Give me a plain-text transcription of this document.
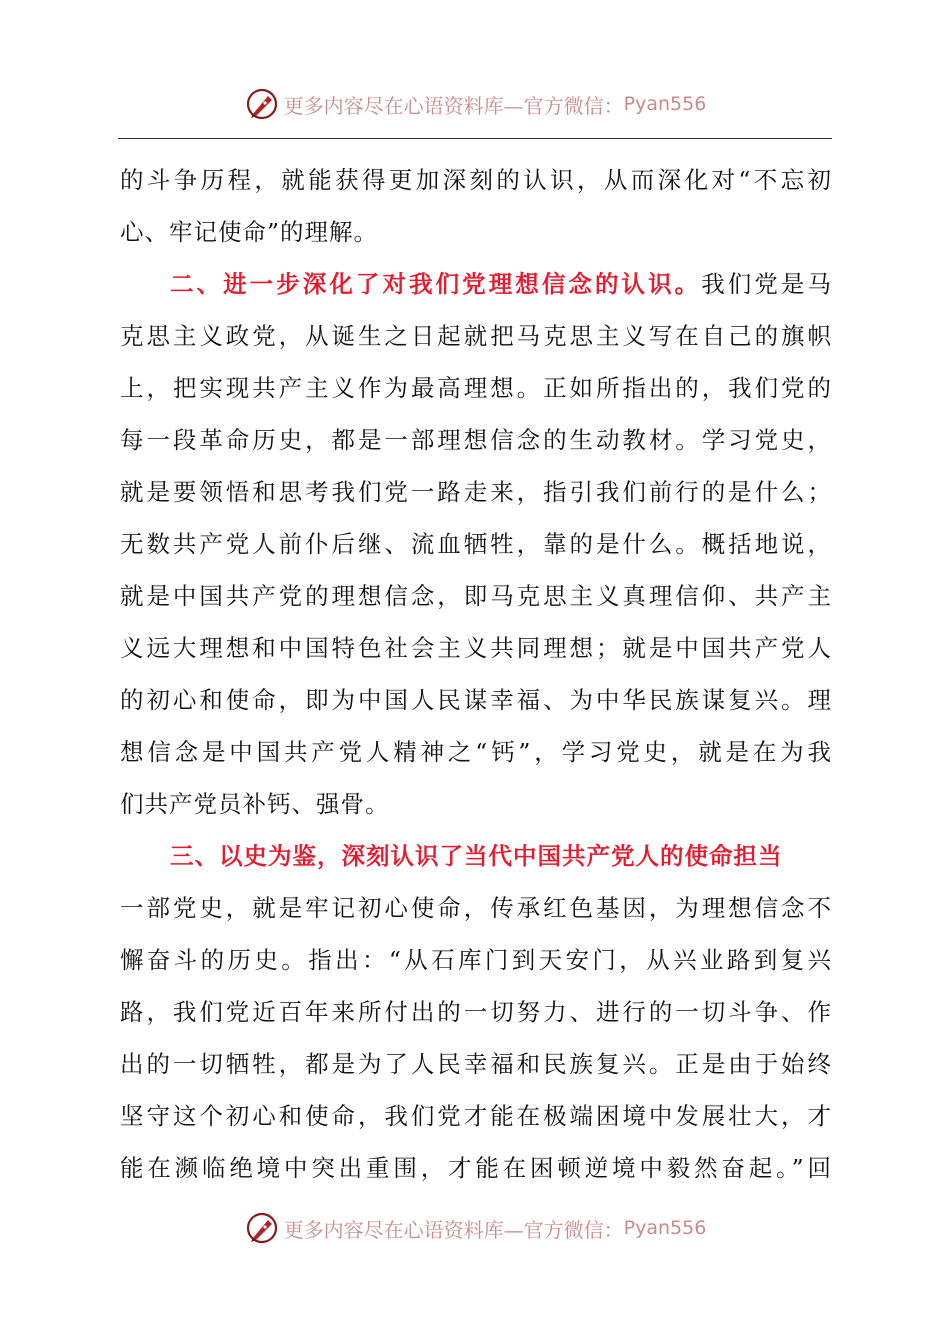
更多内容尽在心语资料库—官方微信： Pyan556
的斗争历程，就能获得更加深刻的认识，从而深化对“不忘初
心、牢记使命”的理解。
二、进一步深化了对我们党理想信念的认识。我们党是马
克思主义政党，从诞生之日起就把马克思主义写在自己的旗帜
上，把实现共产主义作为最高理想。正如所指出的，我们党的
每一段革命历史，都是一部理想信念的生动教材。学习党史，
就是要领悟和思考我们党一路走来，指引我们前行的是什么；
无数共产党人前仆后继、流血牺牲，靠的是什么。概括地说，
就是中国共产党的理想信念，即马克思主义真理信仰、共产主
义远大理想和中国特色社会主义共同理想；就是中国共产党人
的初心和使命，即为中国人民谋幸福、为中华民族谋复兴。理
想信念是中国共产党人精神之“钙”，学习党史，就是在为我
们共产党员补钙、强骨。
三、以史为鉴，深刻认识了当代中国共产党人的使命担当
一部党史，就是牢记初心使命，传承红色基因，为理想信念不
懈奋斗的历史。指出：“从石库门到天安门，从兴业路到复兴
路，我们党近百年来所付出的一切努力、进行的一切斗争、作
出的一切牺牲，都是为了人民幸福和民族复兴。正是由于始终
坚守这个初心和使命，我们党才能在极端困境中发展壮大，才
能在濒临绝境中突出重围，才能在困顿逆境中毅然奋起。”回
更多内容尽在心语资料库—官方微信： Pyan556
